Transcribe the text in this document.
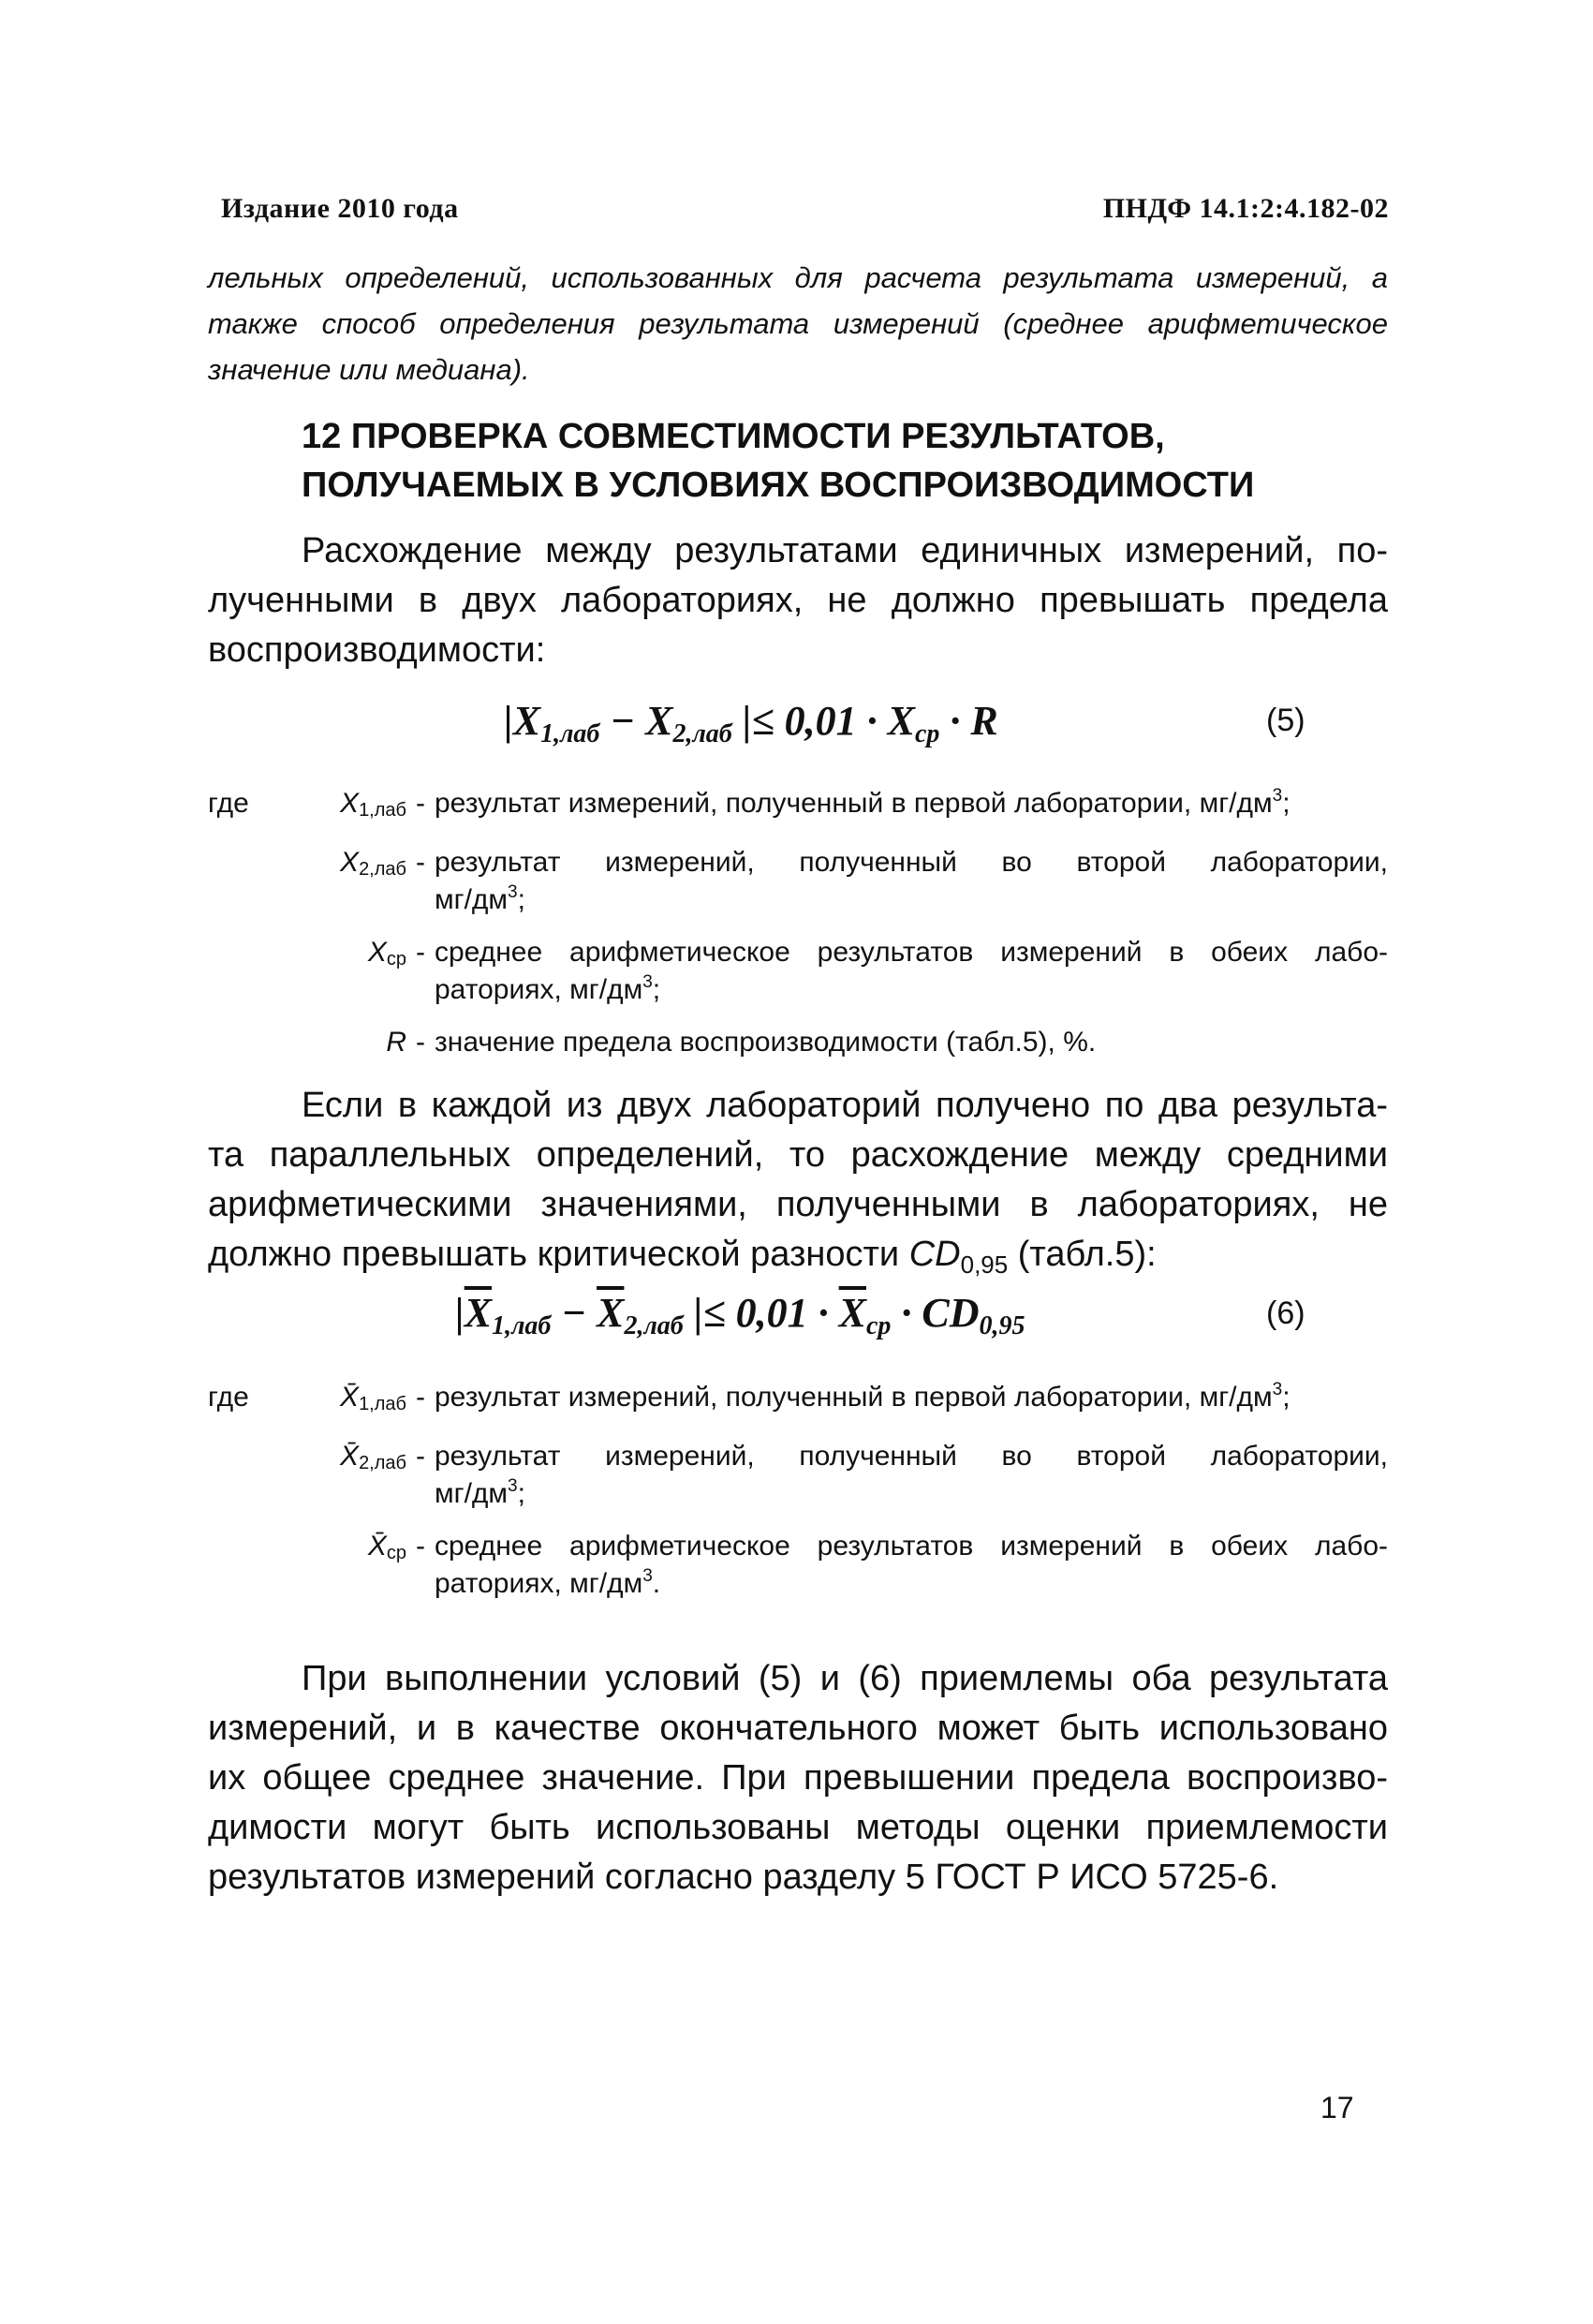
Издание 2010 года	ПНДФ 14.1:2:4.182-02
лельных определений, использованных для расчета результата измерений, а
также способ определения результата измерений (среднее арифметическое
значение или медиана).
12 ПРОВЕРКА СОВМЕСТИМОСТИ РЕЗУЛЬТАТОВ,
ПОЛУЧАЕМЫХ В УСЛОВИЯХ ВОСПРОИЗВОДИМОСТИ
Расхождение между результатами единичных измерений, по-
лученными в двух лабораториях, не должно превышать предела
воспроизводимости:
$|X_{1,лаб} - X_{2,лаб}$ |≤ $0,01 \cdot X_{ср} \cdot R$	(5)
где	$X_{1,лаб}$ - результат измерений, полученный в первой лаборатории, $мг/дм^3$;
$X_{2,лаб}$ - результат измерений, полученный во второй лаборатории,
$мг/дм^3$;
$X_{ср}$ - среднее арифметическое результатов измерений в обеих лабо-
раториях, $мг/дм^3$;
R - значение предела воспроизводимости (табл.5), %.
Если в каждой из двух лабораторий получено по два результа-
та параллельных определений, то расхождение между средними
арифметическими значениями, полученными в лабораториях, не
должно превышать критической разности $CD_{0,95}$ (табл.5):
$|\overline{X}_{1,лаб} - \overline{X}_{2,лаб}$ |≤ $0,01 \cdot \overline{X}_{ср} \cdot CD_{0,95}$	(6)
где	$X̄_{1,лаб}$ - результат измерений, полученный в первой лаборатории, $мг/дм^3$;
$X̄_{2,лаб}$ - результат измерений, полученный во второй лаборатории,
$мг/дм^3$;
$X̄_{ср}$ - среднее арифметическое результатов измерений в обеих лабо-
раториях, $мг/дм^3$.
При выполнении условий (5) и (6) приемлемы оба результата
измерений, и в качестве окончательного может быть использовано
их общее среднее значение. При превышении предела воспроизво-
димости могут быть использованы методы оценки приемлемости
результатов измерений согласно разделу 5 ГОСТ Р ИСО 5725-6.
17
